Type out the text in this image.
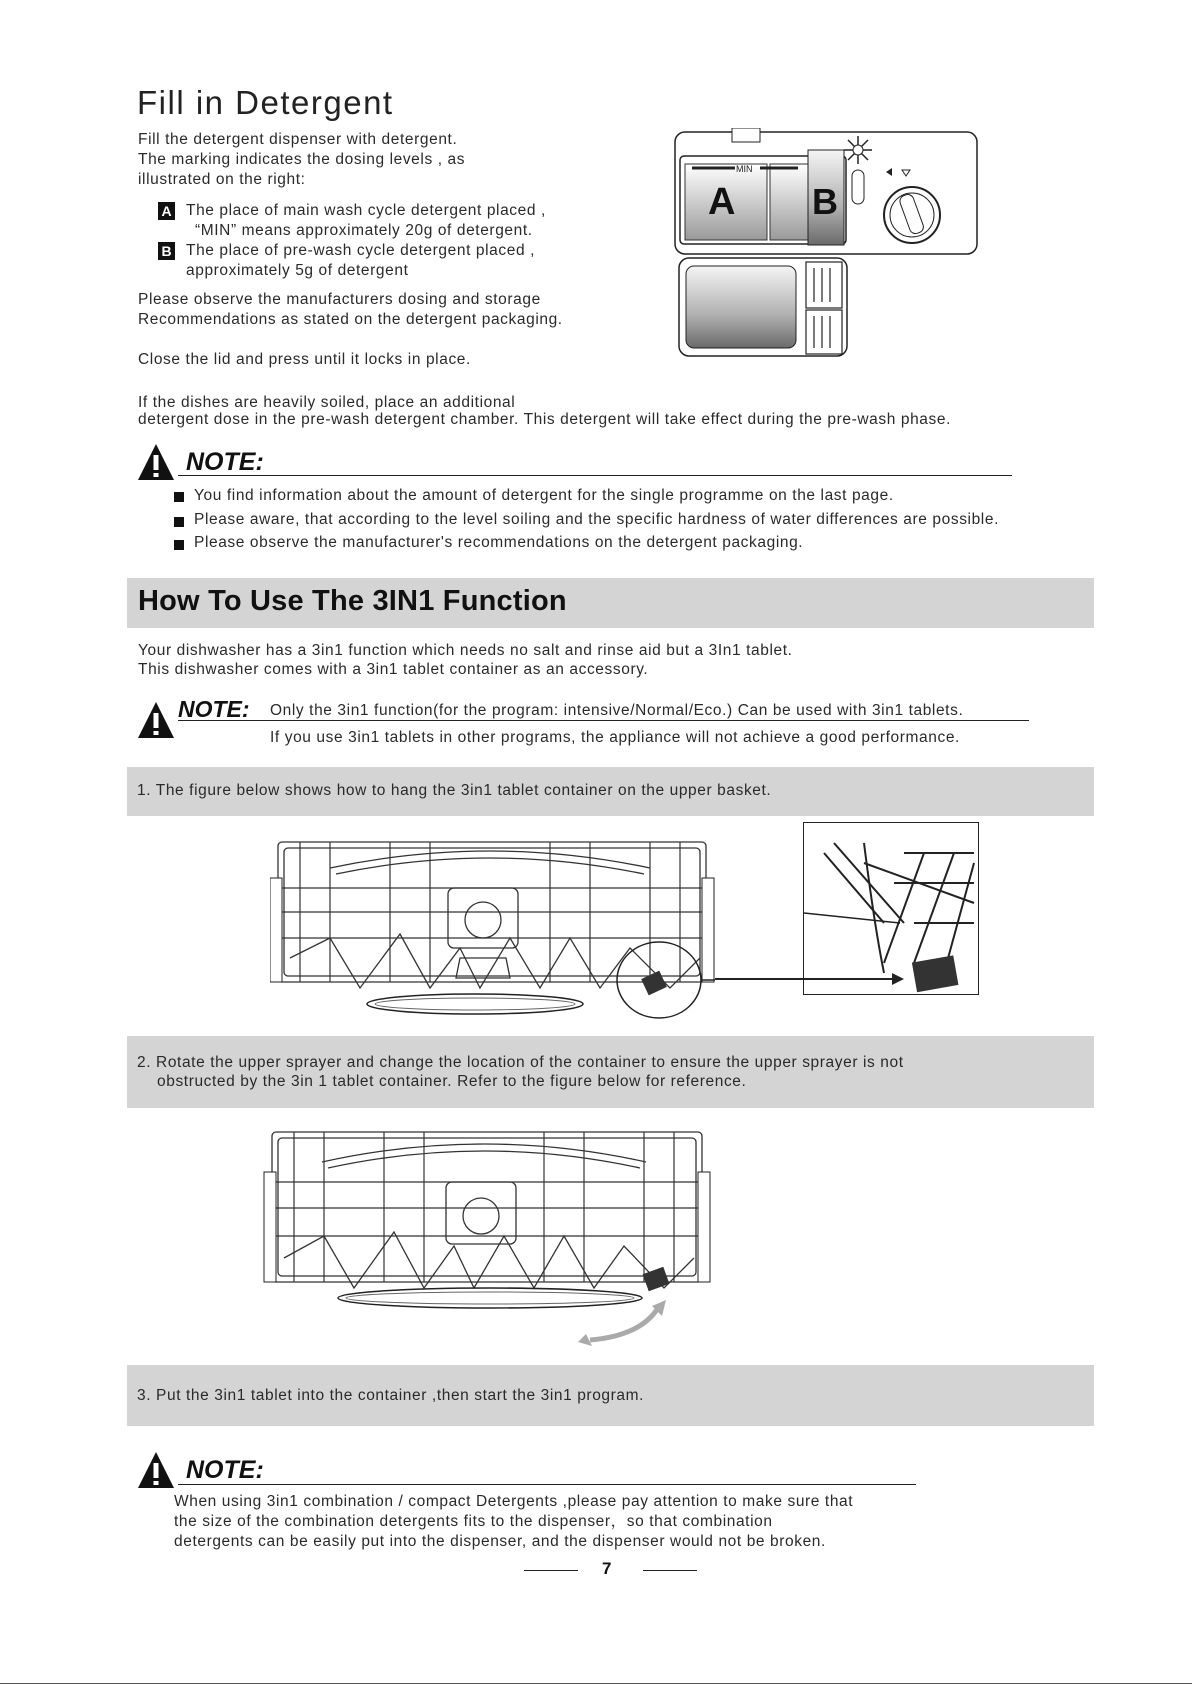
Fill in Detergent
Fill the detergent dispenser with detergent.
The marking indicates the dosing levels , as
illustrated on the right:
A The place of main wash cycle detergent placed ,
“MIN” means approximately 20g of detergent.
B The place of pre-wash cycle detergent placed ,
approximately 5g of detergent
Please observe the manufacturers dosing and storage
Recommendations as stated on the detergent packaging.
Close the lid and press until it locks in place.
If the dishes are heavily soiled, place an additional
detergent dose in the pre-wash detergent chamber. This detergent will take effect during the pre-wash phase.
MIN
A B
NOTE:
You find information about the amount of detergent for the single programme on the last page.
Please aware, that according to the level soiling and the specific hardness of water differences are possible.
Please observe the manufacturer's recommendations on the detergent packaging.
How To Use The 3IN1 Function
Your dishwasher has a 3in1 function which needs no salt and rinse aid but a 3In1 tablet.
This dishwasher comes with a 3in1 tablet container as an accessory.
NOTE: Only the 3in1 function(for the program: intensive/Normal/Eco.) Can be used with 3in1 tablets.
If you use 3in1 tablets in other programs, the appliance will not achieve a good performance.
1. The figure below shows how to hang the 3in1 tablet container on the upper basket.
2. Rotate the upper sprayer and change the location of the container to ensure the upper sprayer is not
obstructed by the 3in 1 tablet container. Refer to the figure below for reference.
3. Put the 3in1 tablet into the container ,then start the 3in1 program.
NOTE:
When using 3in1 combination / compact Detergents ,please pay attention to make sure that
the size of the combination detergents fits to the dispenser，so that combination
detergents can be easily put into the dispenser, and the dispenser would not be broken.
7
